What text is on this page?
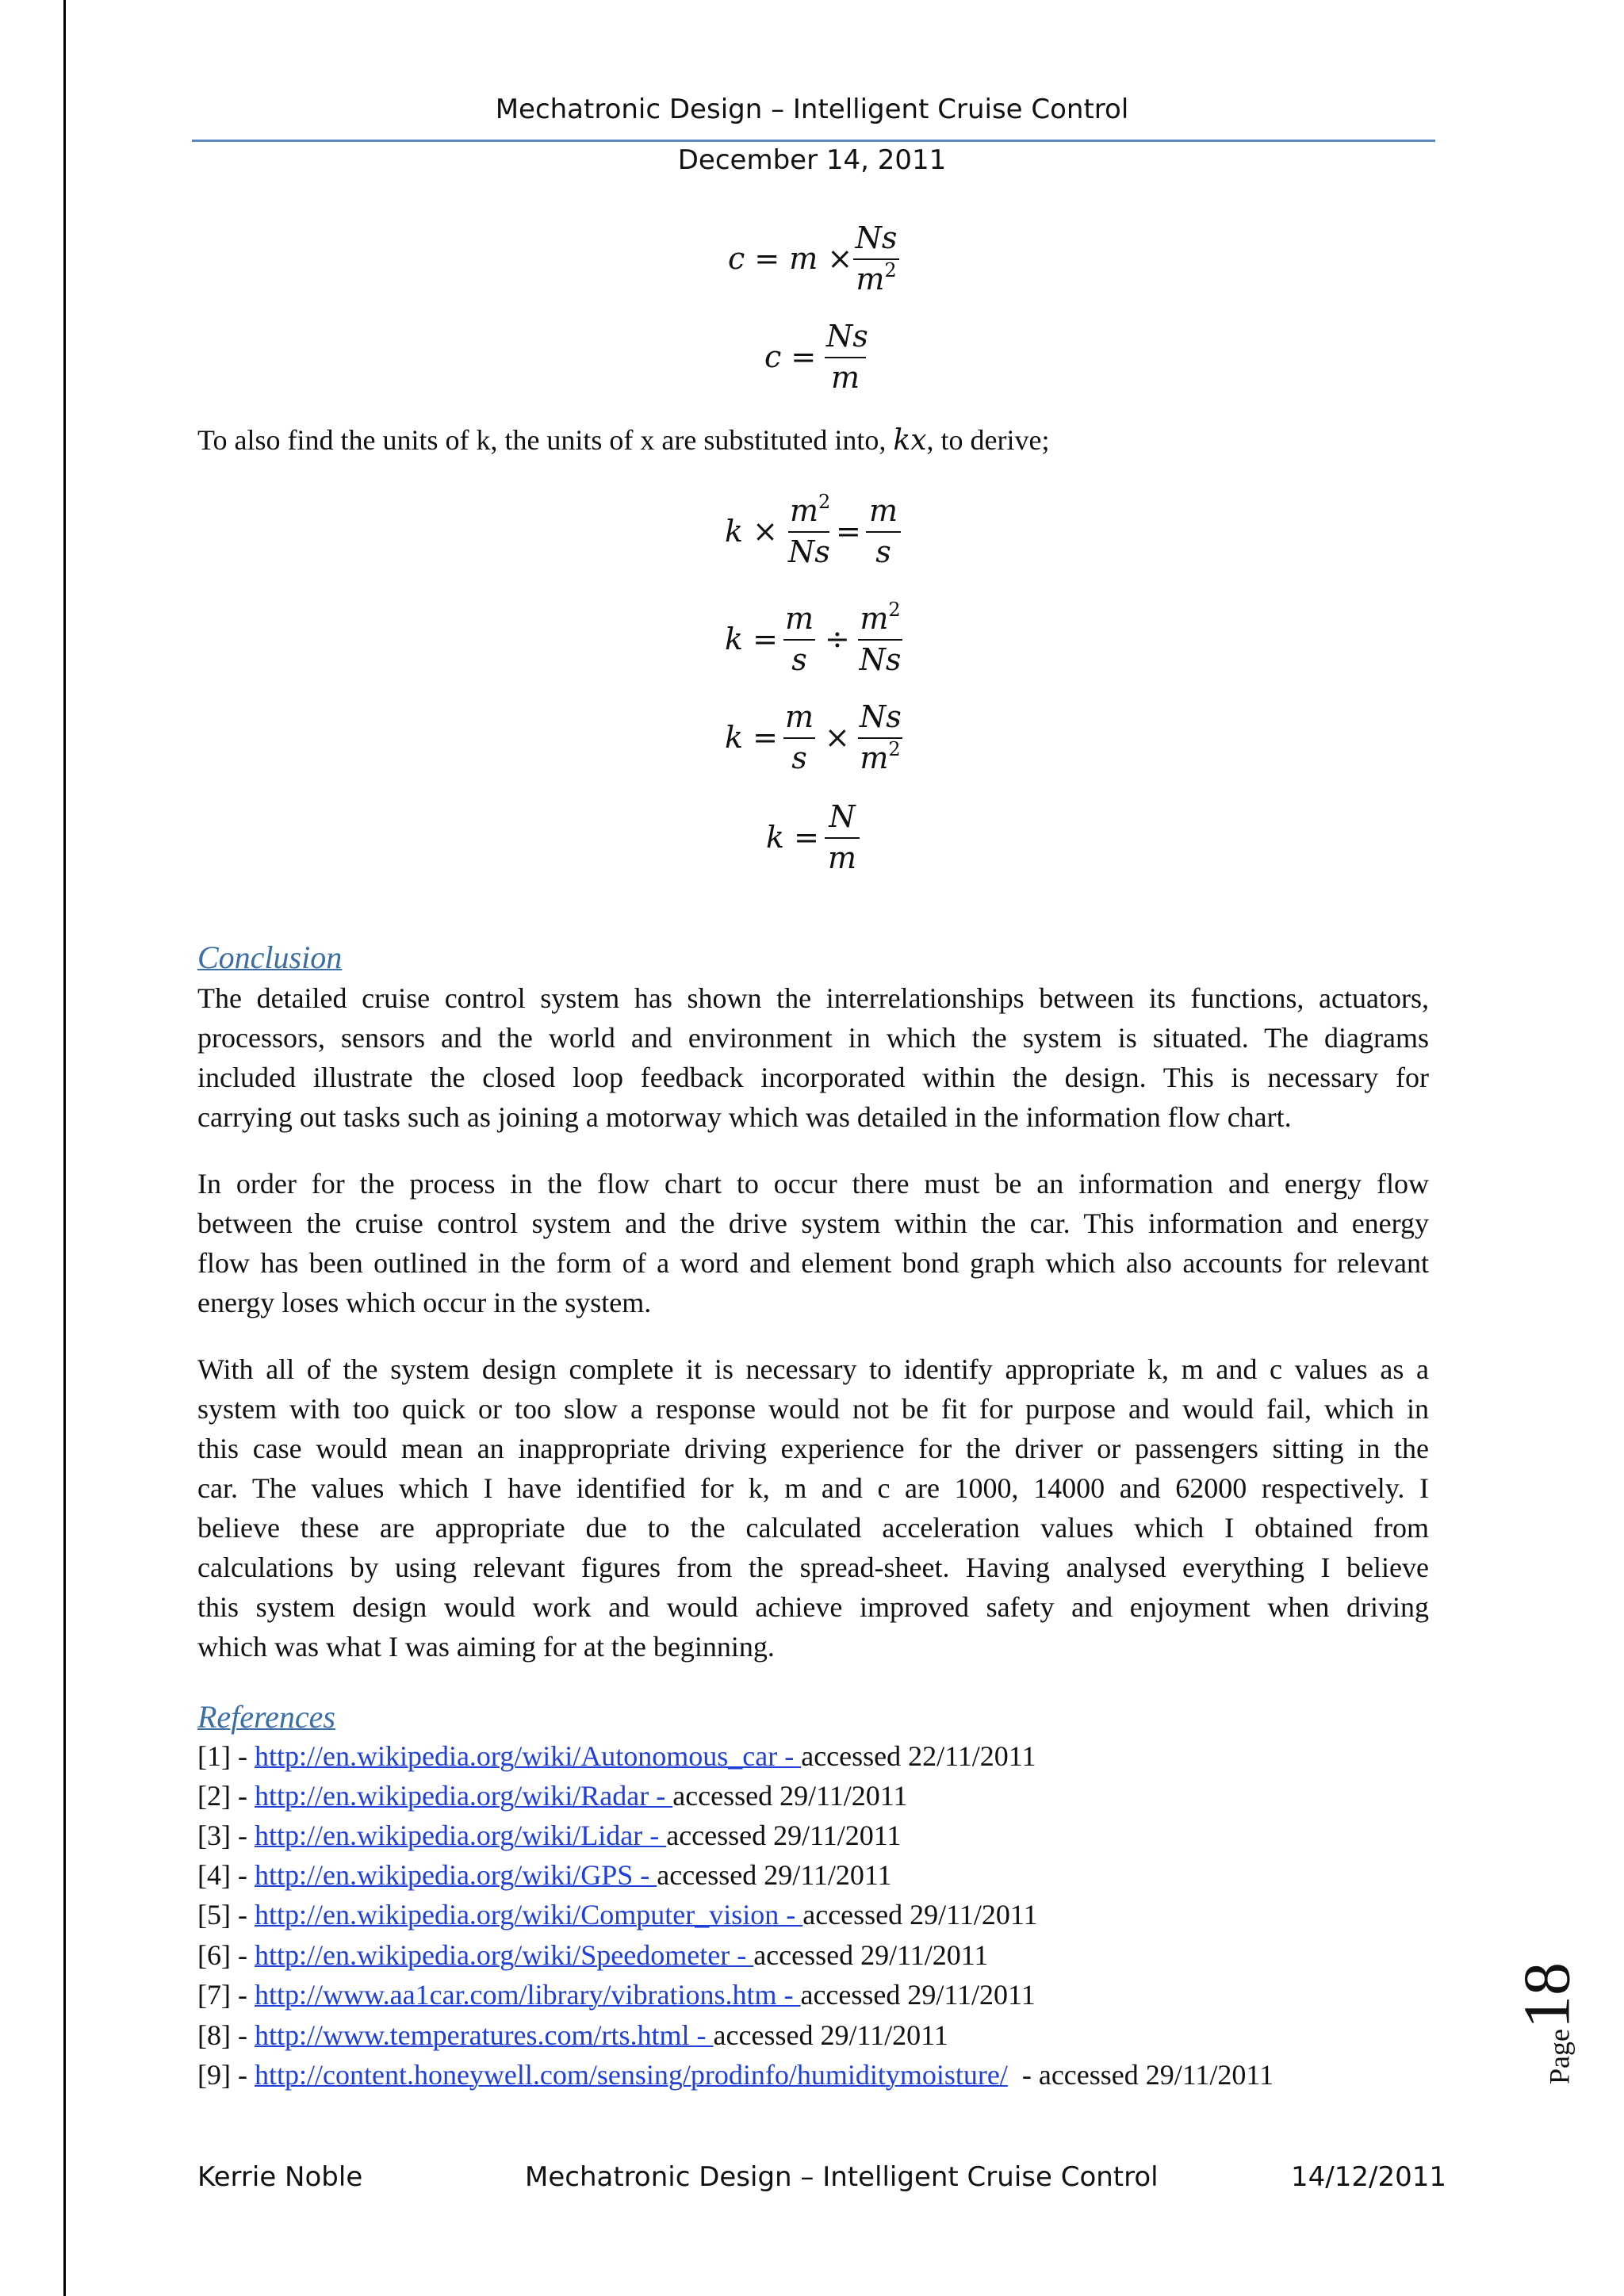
Mechatronic Design – Intelligent Cruise Control
December 14, 2011
c = m ×
Ns
$m^2$
c =
Ns
m
To also find the units of k, the units of x are substituted into, kx, to derive;
k ×
$m^2$
Ns
=
m
s
k =
m
s
÷
$m^2$
Ns
k =
m
s
×
Ns
$m^2$
k =
N
m
Conclusion
The detailed cruise control system has shown the interrelationships between its functions, actuators,
processors, sensors and the world and environment in which the system is situated. The diagrams
included illustrate the closed loop feedback incorporated within the design. This is necessary for
carrying out tasks such as joining a motorway which was detailed in the information flow chart.
In order for the process in the flow chart to occur there must be an information and energy flow
between the cruise control system and the drive system within the car. This information and energy
flow has been outlined in the form of a word and element bond graph which also accounts for relevant
energy loses which occur in the system.
With all of the system design complete it is necessary to identify appropriate k, m and c values as a
system with too quick or too slow a response would not be fit for purpose and would fail, which in
this case would mean an inappropriate driving experience for the driver or passengers sitting in the
car. The values which I have identified for k, m and c are 1000, 14000 and 62000 respectively. I
believe these are appropriate due to the calculated acceleration values which I obtained from
calculations by using relevant figures from the spread-sheet. Having analysed everything I believe
this system design would work and would achieve improved safety and enjoyment when driving
which was what I was aiming for at the beginning.
References
[1] - http://en.wikipedia.org/wiki/Autonomous_car - accessed 22/11/2011
[2] - http://en.wikipedia.org/wiki/Radar - accessed 29/11/2011
[3] - http://en.wikipedia.org/wiki/Lidar - accessed 29/11/2011
[4] - http://en.wikipedia.org/wiki/GPS - accessed 29/11/2011
[5] - http://en.wikipedia.org/wiki/Computer_vision - accessed 29/11/2011
[6] - http://en.wikipedia.org/wiki/Speedometer - accessed 29/11/2011
[7] - http://www.aa1car.com/library/vibrations.htm - accessed 29/11/2011
[8] - http://www.temperatures.com/rts.html - accessed 29/11/2011
[9] - http://content.honeywell.com/sensing/prodinfo/humiditymoisture/  - accessed 29/11/2011	Page18
Kerrie Noble	Mechatronic Design – Intelligent Cruise Control	14/12/2011
